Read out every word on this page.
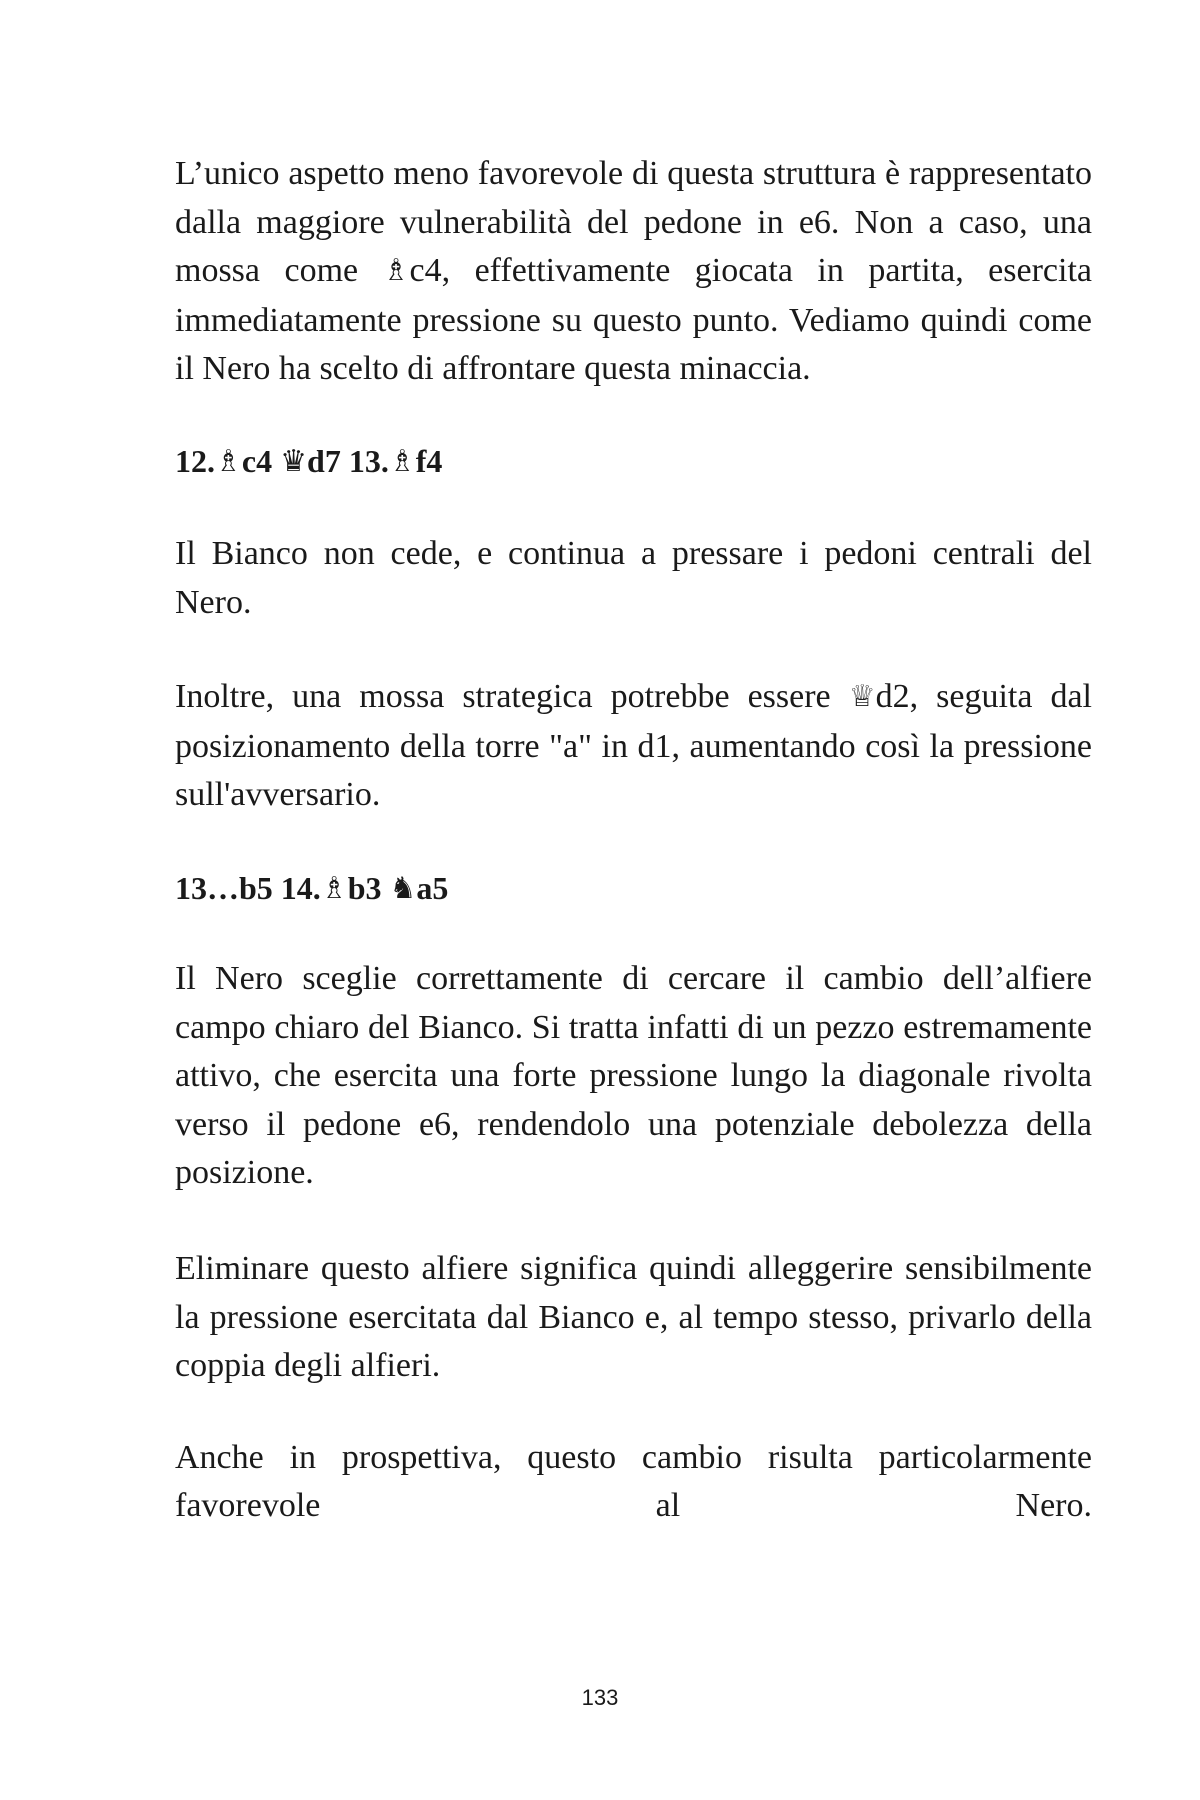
L’unico aspetto meno favorevole di questa struttura è rappresentato dalla maggiore vulnerabilità del pedone in e6. Non a caso, una mossa come ♗c4, effettivamente giocata in partita, esercita immediatamente pressione su questo punto. Vediamo quindi come il Nero ha scelto di affrontare questa minaccia.

12.♗c4 ♛d7 13.♗f4

Il Bianco non cede, e continua a pressare i pedoni centrali del Nero.

Inoltre, una mossa strategica potrebbe essere ♕d2, seguita dal posizionamento della torre "a" in d1, aumentando così la pressione sull'avversario.

13…b5 14.♗b3 ♞a5

Il Nero sceglie correttamente di cercare il cambio dell’alfiere campo chiaro del Bianco. Si tratta infatti di un pezzo estremamente attivo, che esercita una forte pressione lungo la diagonale rivolta verso il pedone e6, rendendolo una potenziale debolezza della posizione.

Eliminare questo alfiere significa quindi alleggerire sensibilmente la pressione esercitata dal Bianco e, al tempo stesso, privarlo della coppia degli alfieri.

Anche in prospettiva, questo cambio risulta particolarmente favorevole al Nero.

133
